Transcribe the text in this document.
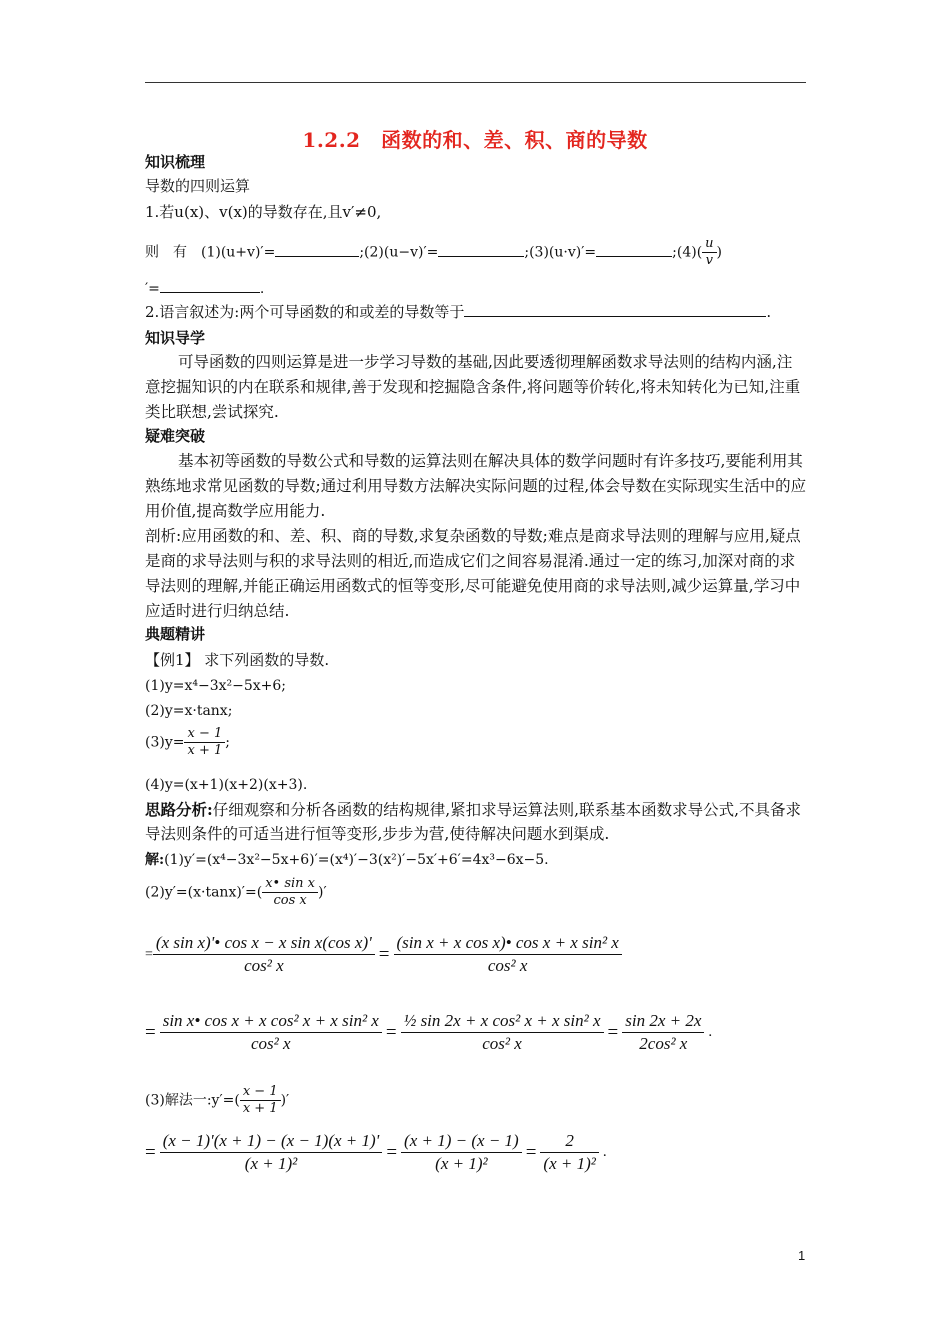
1.2.2　函数的和、差、积、商的导数
知识梳理
导数的四则运算
1.若u(x)、v(x)的导数存在,且v′≠0,
则　有　(1)(u+v)′=	;(2)(u−v)′=	;(3)(u·v)′=	;(4)( $\frac{u}{v}$ )
′=	.
2.语言叙述为:两个可导函数的和或差的导数等于	.
知识导学
可导函数的四则运算是进一步学习导数的基础,因此要透彻理解函数求导法则的结构内涵,注意挖掘知识的内在联系和规律,善于发现和挖掘隐含条件,将问题等价转化,将未知转化为已知,注重类比联想,尝试探究.
疑难突破
基本初等函数的导数公式和导数的运算法则在解决具体的数学问题时有许多技巧,要能利用其熟练地求常见函数的导数;通过利用导数方法解决实际问题的过程,体会导数在实际现实生活中的应用价值,提高数学应用能力.
剖析:应用函数的和、差、积、商的导数,求复杂函数的导数;难点是商求导法则的理解与应用,疑点是商的求导法则与积的求导法则的相近,而造成它们之间容易混淆.通过一定的练习,加深对商的求导法则的理解,并能正确运用函数式的恒等变形,尽可能避免使用商的求导法则,减少运算量,学习中应适时进行归纳总结.
典题精讲
【例1】 求下列函数的导数.
(1)y=x⁴−3x²−5x+6;
(2)y=x·tanx;
$(3)y= \frac{x - 1}{x + 1}$ ;
(4)y=(x+1)(x+2)(x+3).
思路分析:仔细观察和分析各函数的结构规律,紧扣求导运算法则,联系基本函数求导公式,不具备求导法则条件的可适当进行恒等变形,步步为营,使待解决问题水到渠成.
解:(1)y′=(x⁴−3x²−5x+6)′=(x⁴)′−3(x²)′−5x′+6′=4x³−6x−5.
$(2)y'=(x\cdot\tan x)'=( \frac{\text{x• sin x}}{\text{cos x}}$ )′
= $\frac{\text{(x sin x)'• cos x − x sin x(cos x)'}}{\text{cos² x}} = \frac{\text{(sin x + x cos x)• cos x + x sin² x}}{\text{cos² x}}$
= $\frac{\text{sin x• cos x + x cos² x + x sin² x}}{\text{cos² x}} = \frac{\text{½ sin 2x + x cos² x + x sin² x}}{\text{cos² x}} = \frac{\sin 2x + 2x}{\text{2cos² x}}$ .
(3)解法一:y′=( $\frac{x - 1}{x + 1}$ )′
= $\frac{(x - 1)'(x + 1) - (x - 1)(x + 1)'}{\text{(x + 1)²}} = \frac{(x + 1) - (x - 1)}{\text{(x + 1)²}} = \frac{2}{\text{(x + 1)²}}$ .
1
